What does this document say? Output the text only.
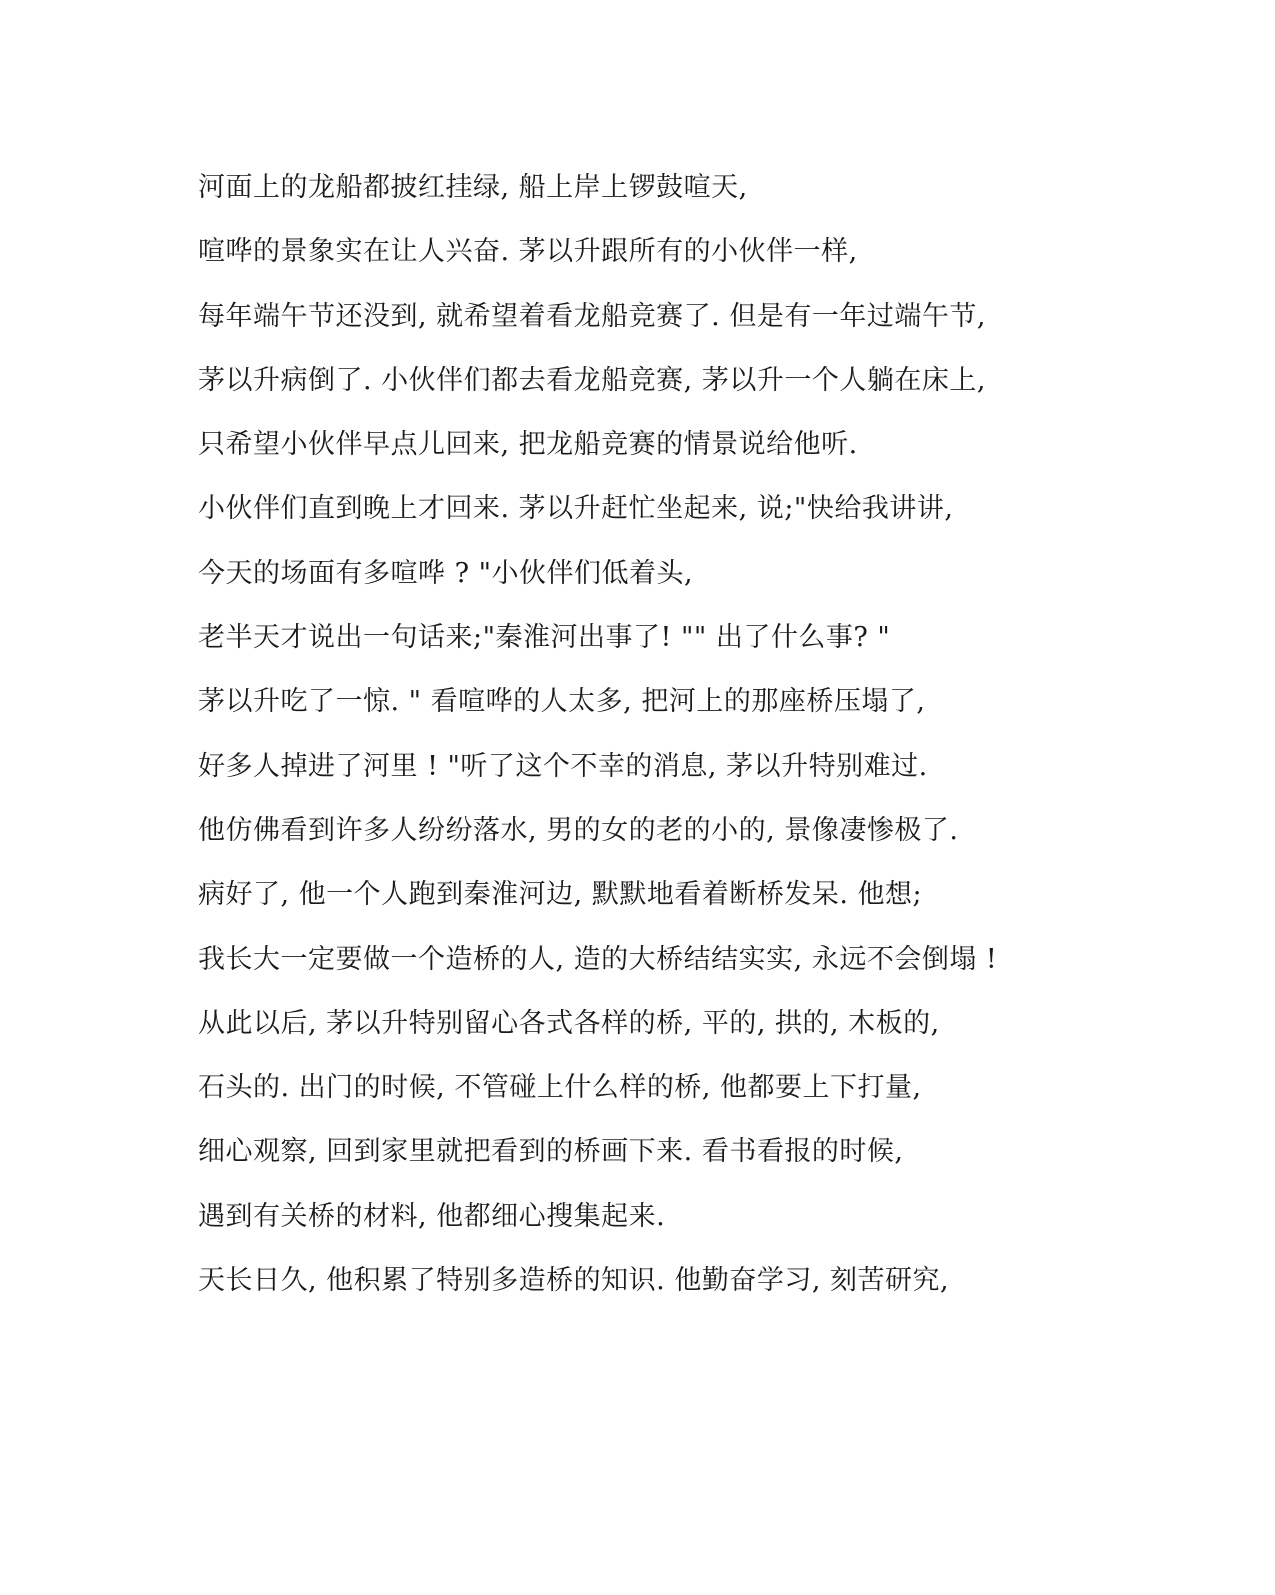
河面上的龙船都披红挂绿, 船上岸上锣鼓喧天,
喧哗的景象实在让人兴奋. 茅以升跟所有的小伙伴一样,
每年端午节还没到, 就希望着看龙船竞赛了. 但是有一年过端午节,
茅以升病倒了. 小伙伴们都去看龙船竞赛, 茅以升一个人躺在床上,
只希望小伙伴早点儿回来, 把龙船竞赛的情景说给他听.
小伙伴们直到晚上才回来. 茅以升赶忙坐起来, 说;"快给我讲讲,
今天的场面有多喧哗 ? "小伙伴们低着头,
老半天才说出一句话来;"秦淮河出事了! "" 出了什么事? "
茅以升吃了一惊. " 看喧哗的人太多, 把河上的那座桥压塌了,
好多人掉进了河里 ! "听了这个不幸的消息, 茅以升特别难过.
他仿佛看到许多人纷纷落水, 男的女的老的小的, 景像凄惨极了.
病好了, 他一个人跑到秦淮河边, 默默地看着断桥发呆. 他想;
我长大一定要做一个造桥的人, 造的大桥结结实实, 永远不会倒塌 !
从此以后, 茅以升特别留心各式各样的桥, 平的, 拱的, 木板的,
石头的. 出门的时候, 不管碰上什么样的桥, 他都要上下打量,
细心观察, 回到家里就把看到的桥画下来. 看书看报的时候,
遇到有关桥的材料, 他都细心搜集起来.
天长日久, 他积累了特别多造桥的知识. 他勤奋学习, 刻苦研究,
